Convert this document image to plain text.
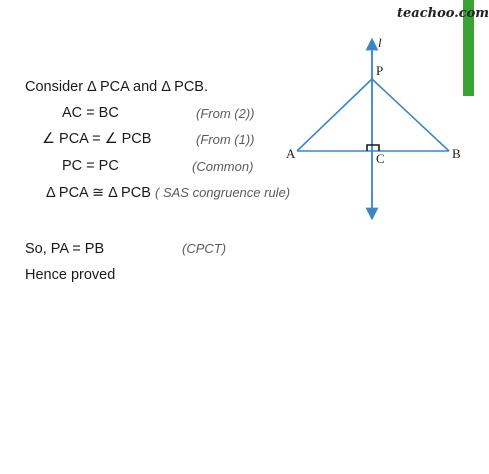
teachoo.com
Consider Δ PCA and Δ PCB.
AC = BC	(From (2))
∠ PCA = ∠ PCB	(From (1))
PC = PC	(Common)
Δ PCA ≅ Δ PCB ( SAS congruence rule)
So, PA = PB	(CPCT)
Hence proved
l
P
A	B
C
